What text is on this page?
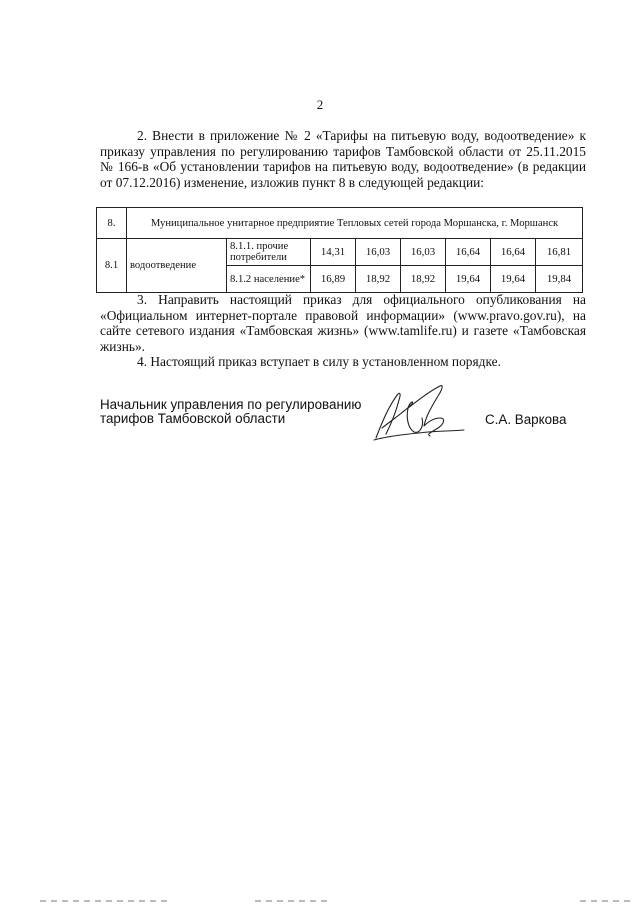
2
2. Внести в приложение № 2 «Тарифы на питьевую воду, водоотведение» к приказу управления по регулированию тарифов Тамбовской области от 25.11.2015 № 166-в «Об установлении тарифов на питьевую воду, водоотведение» (в редакции от 07.12.2016) изменение, изложив пункт 8 в следующей редакции:
8.	Муниципальное унитарное предприятие Тепловых сетей города Моршанска, г. Моршанск							
8.1	водоотведение	8.1.1. прочие потребители	14,31	16,03	16,03	16,64	16,64	16,81
		8.1.2 население*	16,89	18,92	18,92	19,64	19,64	19,84
3. Направить настоящий приказ для официального опубликования на «Официальном интернет-портале правовой информации» (www.pravo.gov.ru), на сайте сетевого издания «Тамбовская жизнь» (www.tamlife.ru) и газете «Тамбовская жизнь».
4. Настоящий приказ вступает в силу в установленном порядке.
Начальник управления по регулированию
тарифов Тамбовской области	С.А. Варкова
